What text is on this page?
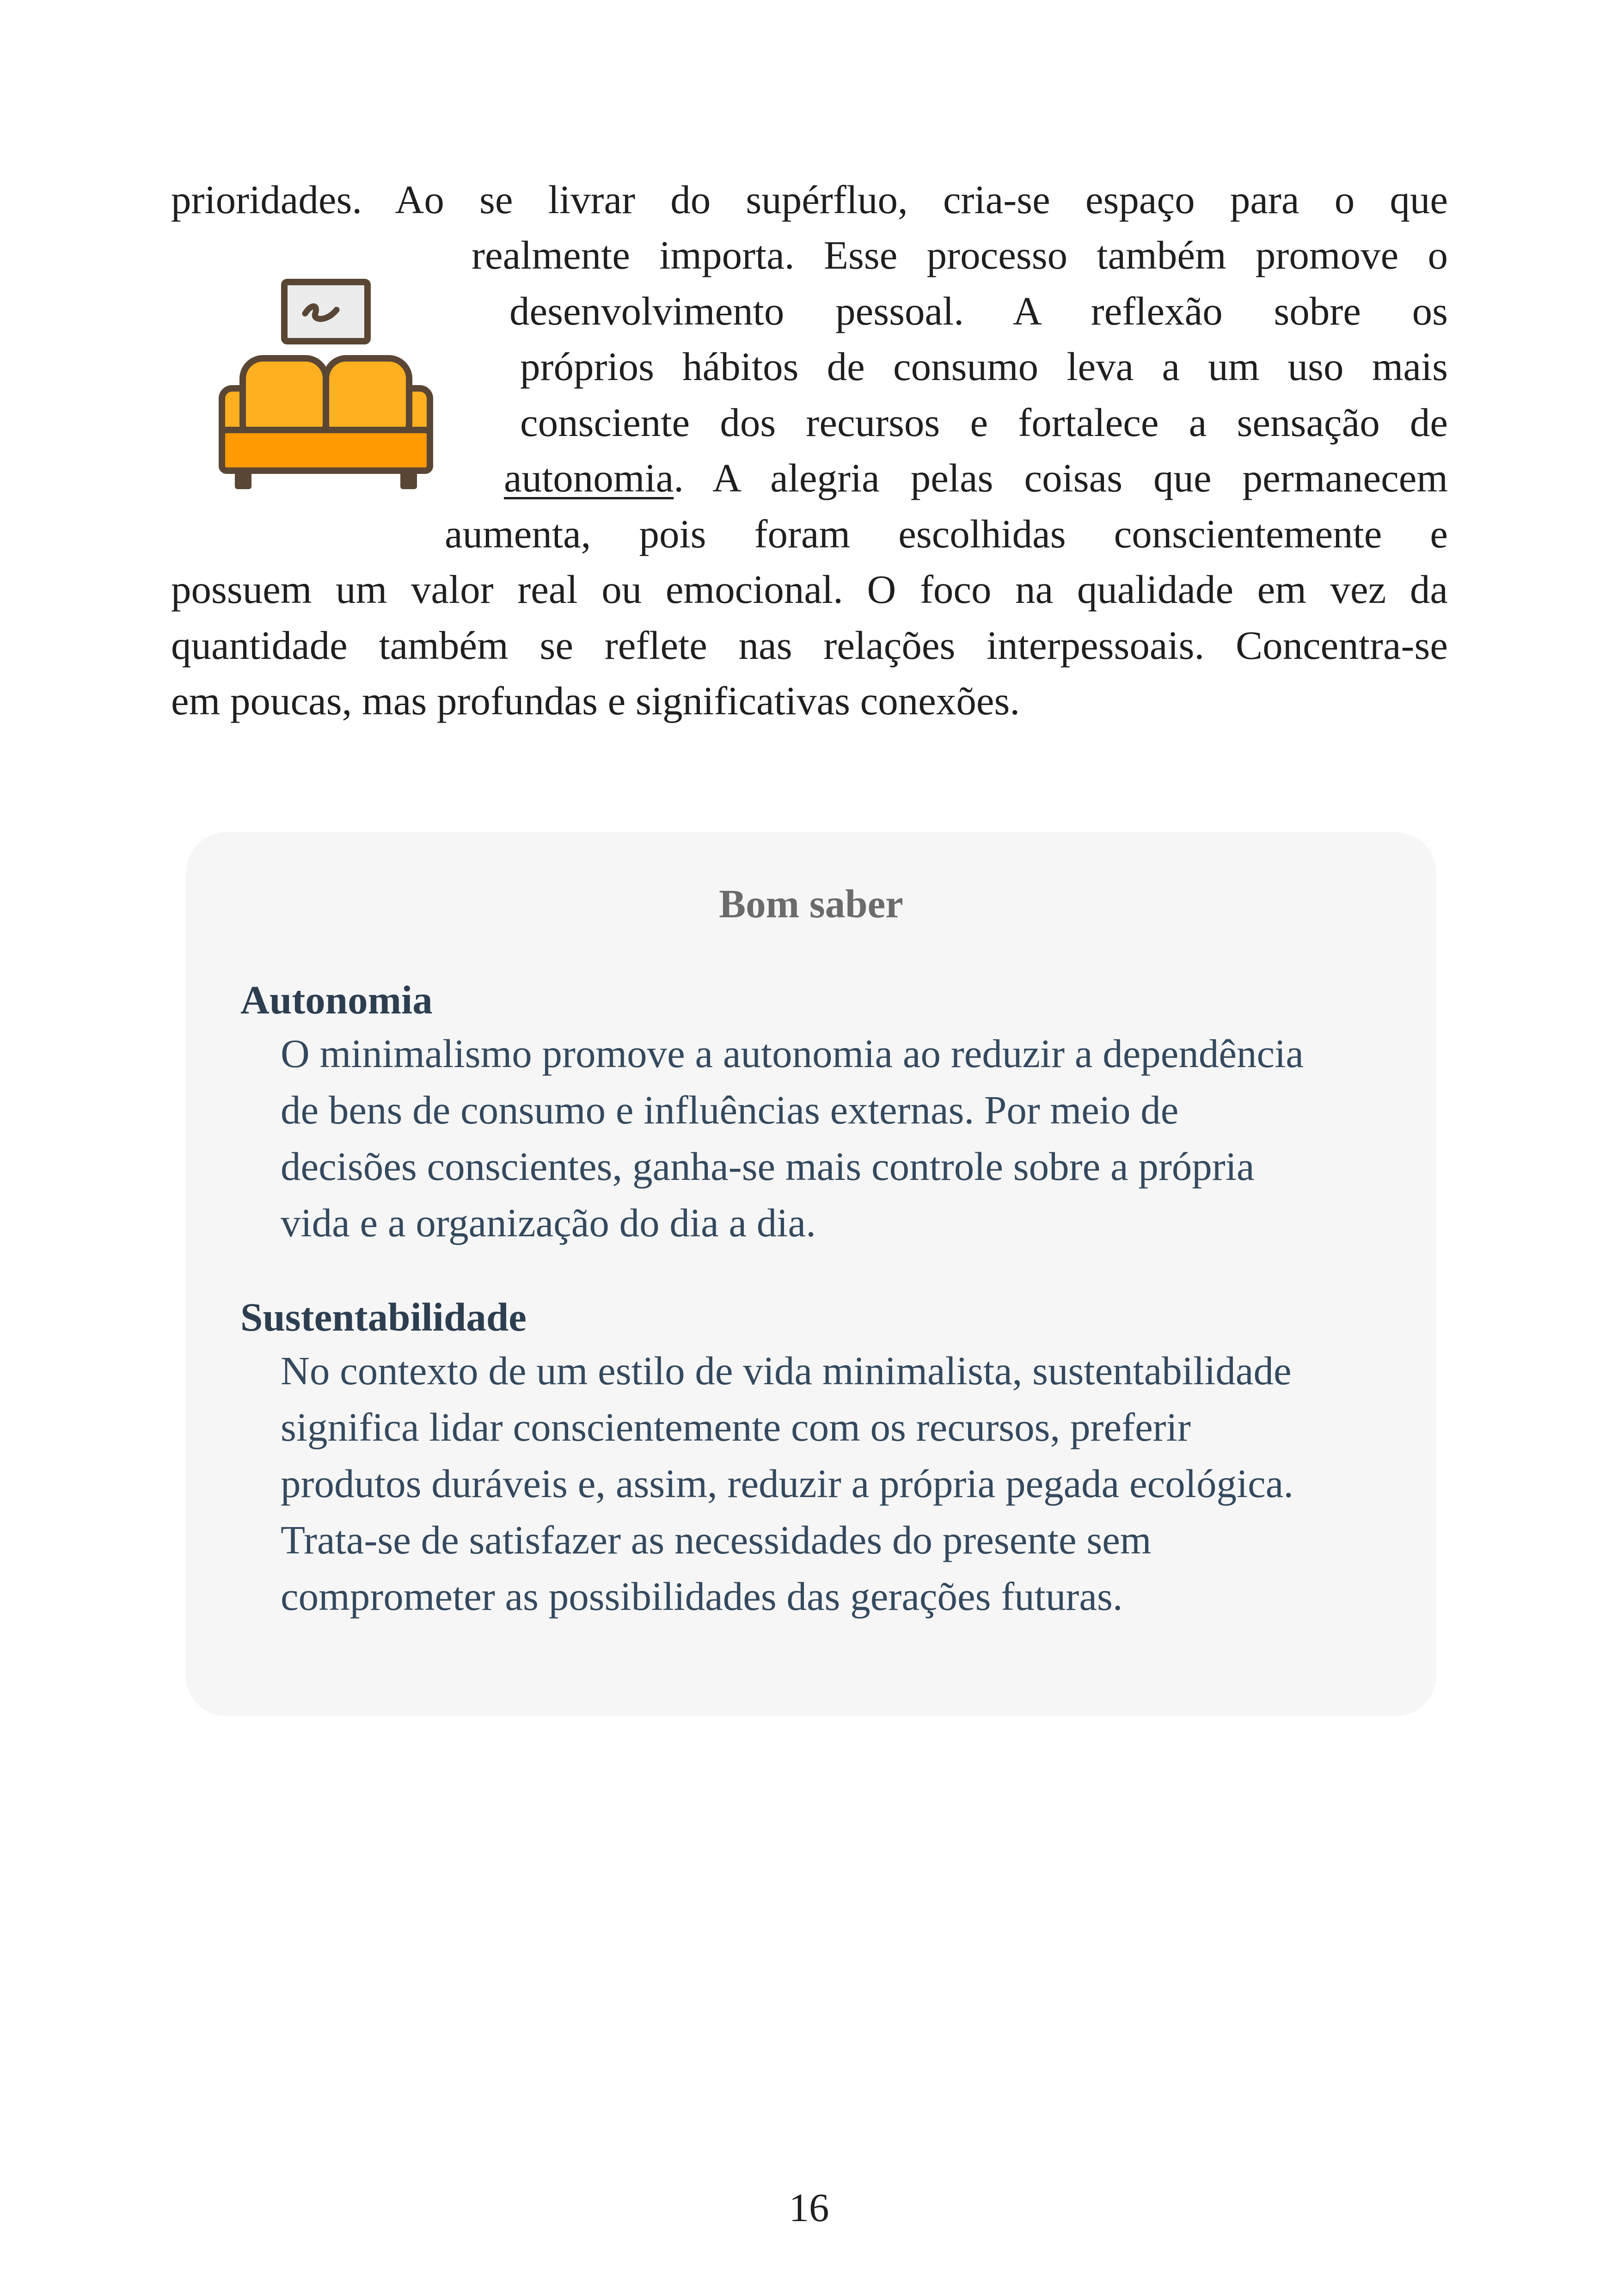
prioridades. Ao se livrar do supérfluo, cria-se espaço para o que
realmente importa. Esse processo também promove o
desenvolvimento pessoal. A reflexão sobre os
próprios hábitos de consumo leva a um uso mais
consciente dos recursos e fortalece a sensação de
autonomia. A alegria pelas coisas que permanecem
aumenta, pois foram escolhidas conscientemente e
possuem um valor real ou emocional. O foco na qualidade em vez da
quantidade também se reflete nas relações interpessoais. Concentra-se
em poucas, mas profundas e significativas conexões.
Bom saber
Autonomia
O minimalismo promove a autonomia ao reduzir a dependência
de bens de consumo e influências externas. Por meio de
decisões conscientes, ganha-se mais controle sobre a própria
vida e a organização do dia a dia.
Sustentabilidade
No contexto de um estilo de vida minimalista, sustentabilidade
significa lidar conscientemente com os recursos, preferir
produtos duráveis e, assim, reduzir a própria pegada ecológica.
Trata-se de satisfazer as necessidades do presente sem
comprometer as possibilidades das gerações futuras.
16
